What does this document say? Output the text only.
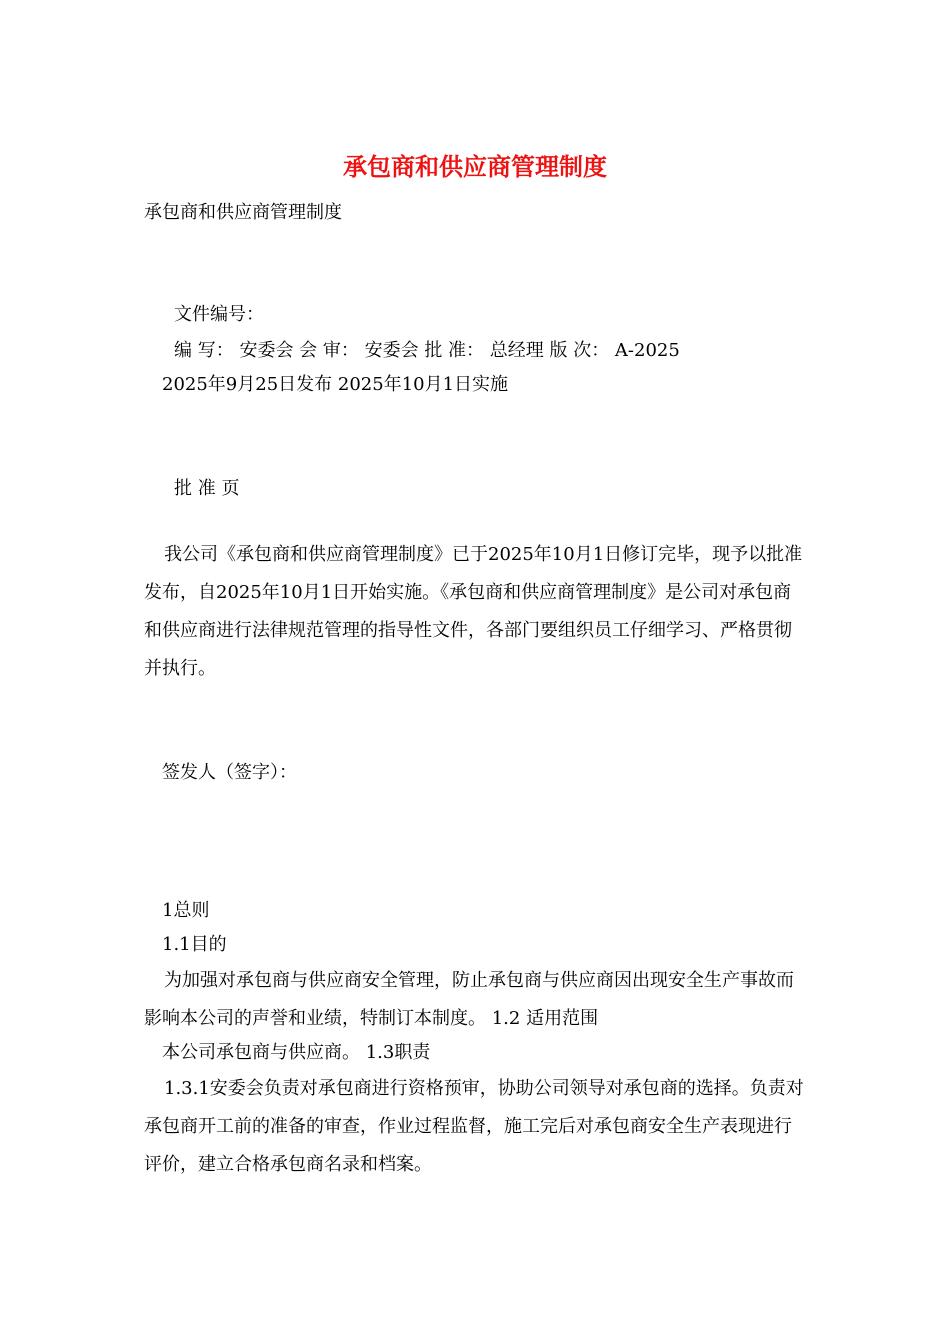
承包商和供应商管理制度
承包商和供应商管理制度
文件编号：
编 写： 安委会 会 审： 安委会 批 准： 总经理 版 次： A-2025
2025年9月25日发布 2025年10月1日实施
批 准 页
我公司《承包商和供应商管理制度》已于2025年10月1日修订完毕，现予以批准发布，自2025年10月1日开始实施。《承包商和供应商管理制度》是公司对承包商和供应商进行法律规范管理的指导性文件，各部门要组织员工仔细学习、严格贯彻并执行。
签发人（签字）：
1总则
1.1目的
为加强对承包商与供应商安全管理，防止承包商与供应商因出现安全生产事故而影响本公司的声誉和业绩，特制订本制度。 1.2 适用范围
本公司承包商与供应商。 1.3职责
1.3.1安委会负责对承包商进行资格预审，协助公司领导对承包商的选择。负责对承包商开工前的准备的审查，作业过程监督，施工完后对承包商安全生产表现进行评价，建立合格承包商名录和档案。
